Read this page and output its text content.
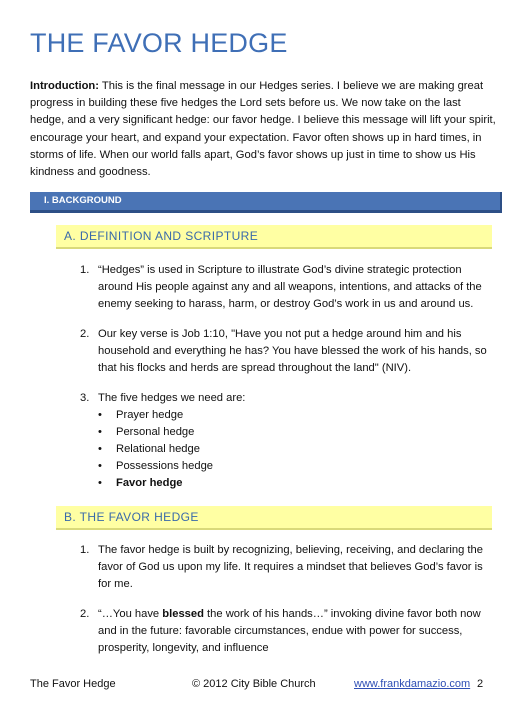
THE FAVOR HEDGE

Introduction: This is the final message in our Hedges series. I believe we are making great progress in building these five hedges the Lord sets before us. We now take on the last hedge, and a very significant hedge: our favor hedge. I believe this message will lift your spirit, encourage your heart, and expand your expectation. Favor often shows up in hard times, in storms of life. When our world falls apart, God’s favor shows up just in time to show us His kindness and goodness.

I. BACKGROUND
A. DEFINITION AND SCRIPTURE
1. “Hedges” is used in Scripture to illustrate God’s divine strategic protection around His people against any and all weapons, intentions, and attacks of the enemy seeking to harass, harm, or destroy God’s work in us and around us.
2. Our key verse is Job 1:10, "Have you not put a hedge around him and his household and everything he has? You have blessed the work of his hands, so that his flocks and herds are spread throughout the land" (NIV).
3. The five hedges we need are:
• Prayer hedge
• Personal hedge
• Relational hedge
• Possessions hedge
• Favor hedge
B. THE FAVOR HEDGE
1. The favor hedge is built by recognizing, believing, receiving, and declaring the favor of God us upon my life. It requires a mindset that believes God’s favor is for me.
2. “…You have blessed the work of his hands…” invoking divine favor both now and in the future: favorable circumstances, endue with power for success, prosperity, longevity, and influence
The Favor Hedge	© 2012 City Bible Church	www.frankdamazio.com 2
